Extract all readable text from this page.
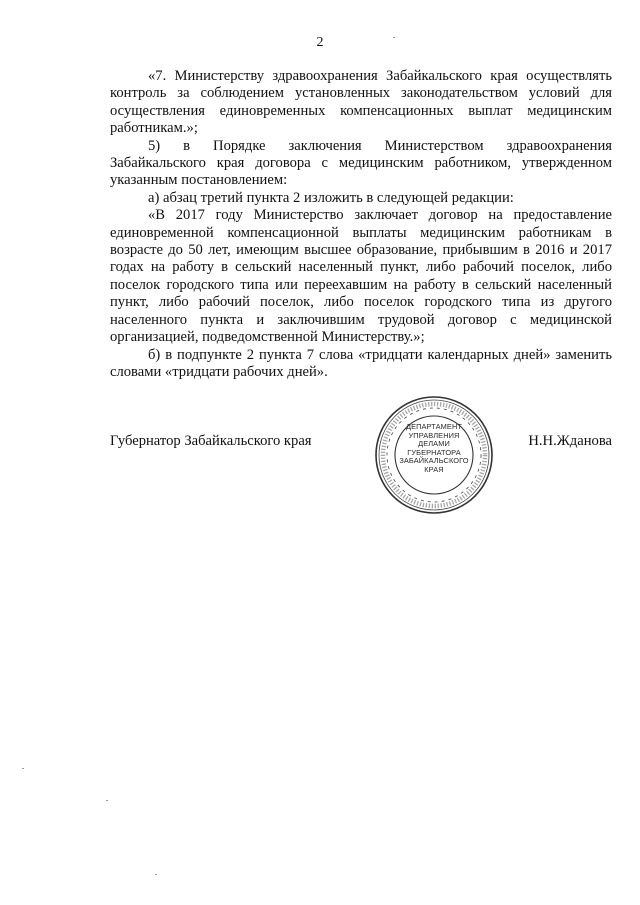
2

«7. Министерству здравоохранения Забайкальского края осуществлять контроль за соблюдением установленных законодательством условий для осуществления единовременных компенсационных выплат медицинским работникам.»;

5) в Порядке заключения Министерством здравоохранения Забайкальского края договора с медицинским работником, утвержденном указанным постановлением:

а) абзац третий пункта 2 изложить в следующей редакции:

«В 2017 году Министерство заключает договор на предоставление единовременной компенсационной выплаты медицинским работникам в возрасте до 50 лет, имеющим высшее образование, прибывшим в 2016 и 2017 годах на работу в сельский населенный пункт, либо рабочий поселок, либо поселок городского типа или переехавшим на работу в сельский населенный пункт, либо рабочий поселок, либо поселок городского типа из другого населенного пункта и заключившим трудовой договор с медицинской организацией, подведомственной Министерству.»;

б) в подпункте 2 пункта 7 слова «тридцати календарных дней» заменить словами «тридцати рабочих дней».

Губернатор Забайкальского края	Н.Н.Жданова
ДЕПАРТАМЕНТ
УПРАВЛЕНИЯ
ДЕЛАМИ
ГУБЕРНАТОРА
ЗАБАЙКАЛЬСКОГО
КРАЯ
